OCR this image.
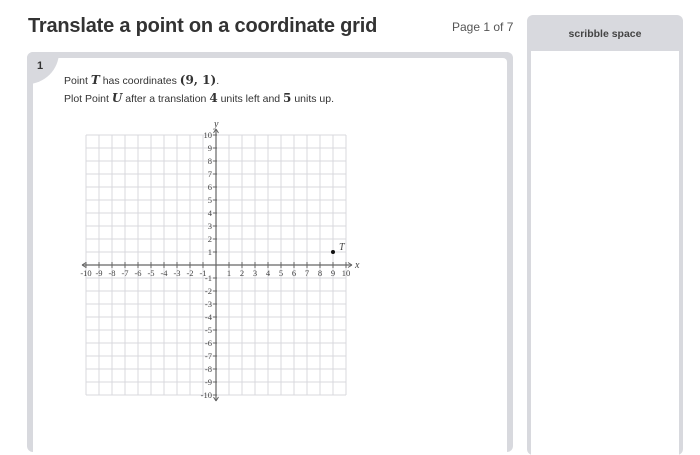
Translate a point on a coordinate grid	Page 1 of 7
1
Point T has coordinates (9, 1).
Plot Point U after a translation 4 units left and 5 units up.
-10
-10
-9
-9
-8
-8
-7
-7
-6
-6
-5
-5
-4
-4
-3
-3
-2
-2
-1
-1 1
1
2
2
3
3
4
4
5
5
6
6
7
7
8
8
9
9
10
10
x
y
T
scribble space
